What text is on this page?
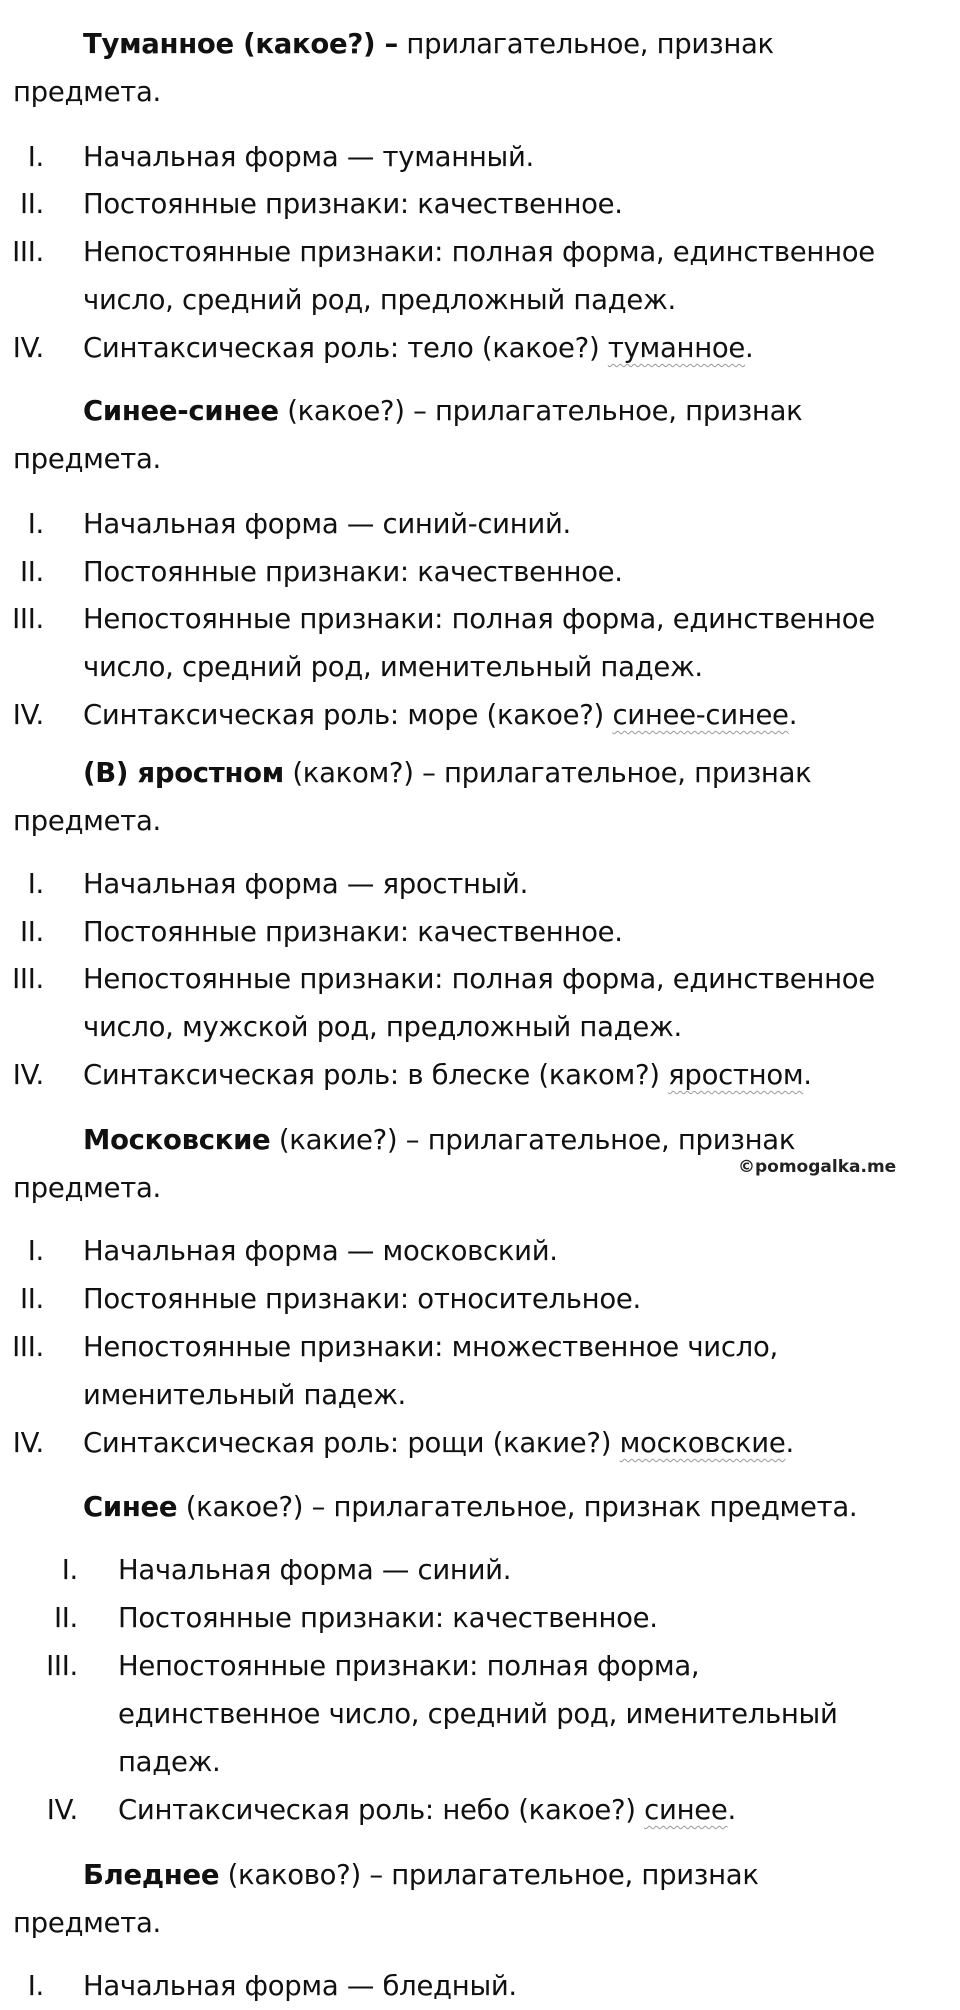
Туманное (какое?) – прилагательное, признак
предмета.
I. Начальная форма — туманный.
II. Постоянные признаки: качественное.
III. Непостоянные признаки: полная форма, единственное
число, средний род, предложный падеж.
IV. Синтаксическая роль: тело (какое?) туманное.
Синее-синее (какое?) – прилагательное, признак
предмета.
I. Начальная форма — синий-синий.
II. Постоянные признаки: качественное.
III. Непостоянные признаки: полная форма, единственное
число, средний род, именительный падеж.
IV. Синтаксическая роль: море (какое?) синее-синее.
(В) яростном (каком?) – прилагательное, признак
предмета.
I. Начальная форма — яростный.
II. Постоянные признаки: качественное.
III. Непостоянные признаки: полная форма, единственное
число, мужской род, предложный падеж.
IV. Синтаксическая роль: в блеске (каком?) яростном.
Московские (какие?) – прилагательное, признак
предмета.
©pomogalka.me
I. Начальная форма — московский.
II. Постоянные признаки: относительное.
III. Непостоянные признаки: множественное число,
именительный падеж.
IV. Синтаксическая роль: рощи (какие?) московские.
Синее (какое?) – прилагательное, признак предмета.
I. Начальная форма — синий.
II. Постоянные признаки: качественное.
III. Непостоянные признаки: полная форма,
единственное число, средний род, именительный
падеж.
IV. Синтаксическая роль: небо (какое?) синее.
Бледнее (каково?) – прилагательное, признак
предмета.
I. Начальная форма — бледный.
